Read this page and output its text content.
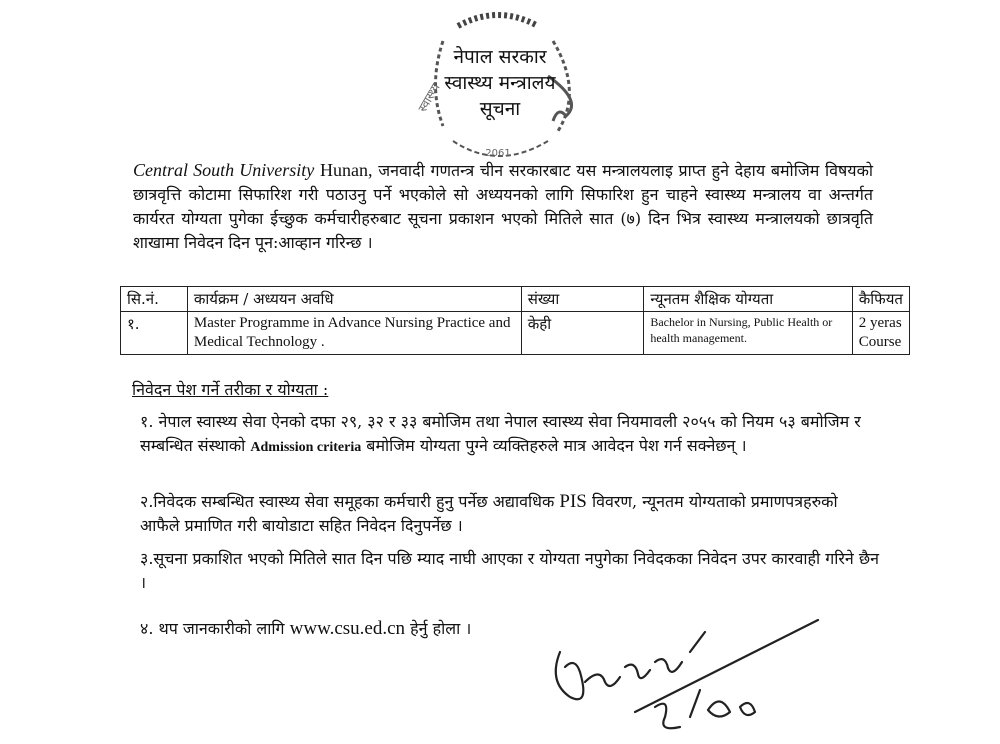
स्वास्थ्य
2061
नेपाल सरकार
स्वास्थ्य मन्त्रालय
सूचना
Central South University Hunan, जनवादी गणतन्त्र चीन सरकारबाट यस मन्त्रालयलाइ प्राप्त हुने देहाय बमोजिम विषयको छात्रवृत्ति कोटामा सिफारिश गरी पठाउनु पर्ने भएकोले सो अध्ययनको लागि सिफारिश हुन चाहने स्वास्थ्य मन्त्रालय वा अन्तर्गत कार्यरत योग्यता पुगेका ईच्छुक कर्मचारीहरुबाट सूचना प्रकाशन भएको मितिले सात (७) दिन भित्र स्वास्थ्य मन्त्रालयको छात्रवृति शाखामा निवेदन दिन पून:आव्हान गरिन्छ ।
सि.नं.	कार्यक्रम / अध्ययन अवधि	संख्या	न्यूनतम शैक्षिक योग्यता	कैफियत
१.	Master Programme in Advance Nursing Practice and Medical Technology .	केही	Bachelor in Nursing, Public Health or health management.	2 yeras Course
निवेदन पेश गर्ने तरीका र योग्यता :
१. नेपाल स्वास्थ्य सेवा ऐनको दफा २९, ३२ र ३३ बमोजिम तथा नेपाल स्वास्थ्य सेवा नियमावली २०५५ को नियम ५३ बमोजिम र सम्बन्धित संस्थाको Admission criteria बमोजिम योग्यता पुग्ने व्यक्तिहरुले मात्र आवेदन पेश गर्न सक्नेछन् ।
२.निवेदक सम्बन्धित स्वास्थ्य सेवा समूहका कर्मचारी हुनु पर्नेछ अद्यावधिक PIS विवरण, न्यूनतम योग्यताको प्रमाणपत्रहरुको आफैले प्रमाणित गरी बायोडाटा सहित निवेदन दिनुपर्नेछ ।
३.सूचना प्रकाशित भएको मितिले सात दिन पछि म्याद नाघी आएका र योग्यता नपुगेका निवेदकका निवेदन उपर कारवाही गरिने छैन ।
४. थप जानकारीको लागि www.csu.ed.cn हेर्नु होला ।
